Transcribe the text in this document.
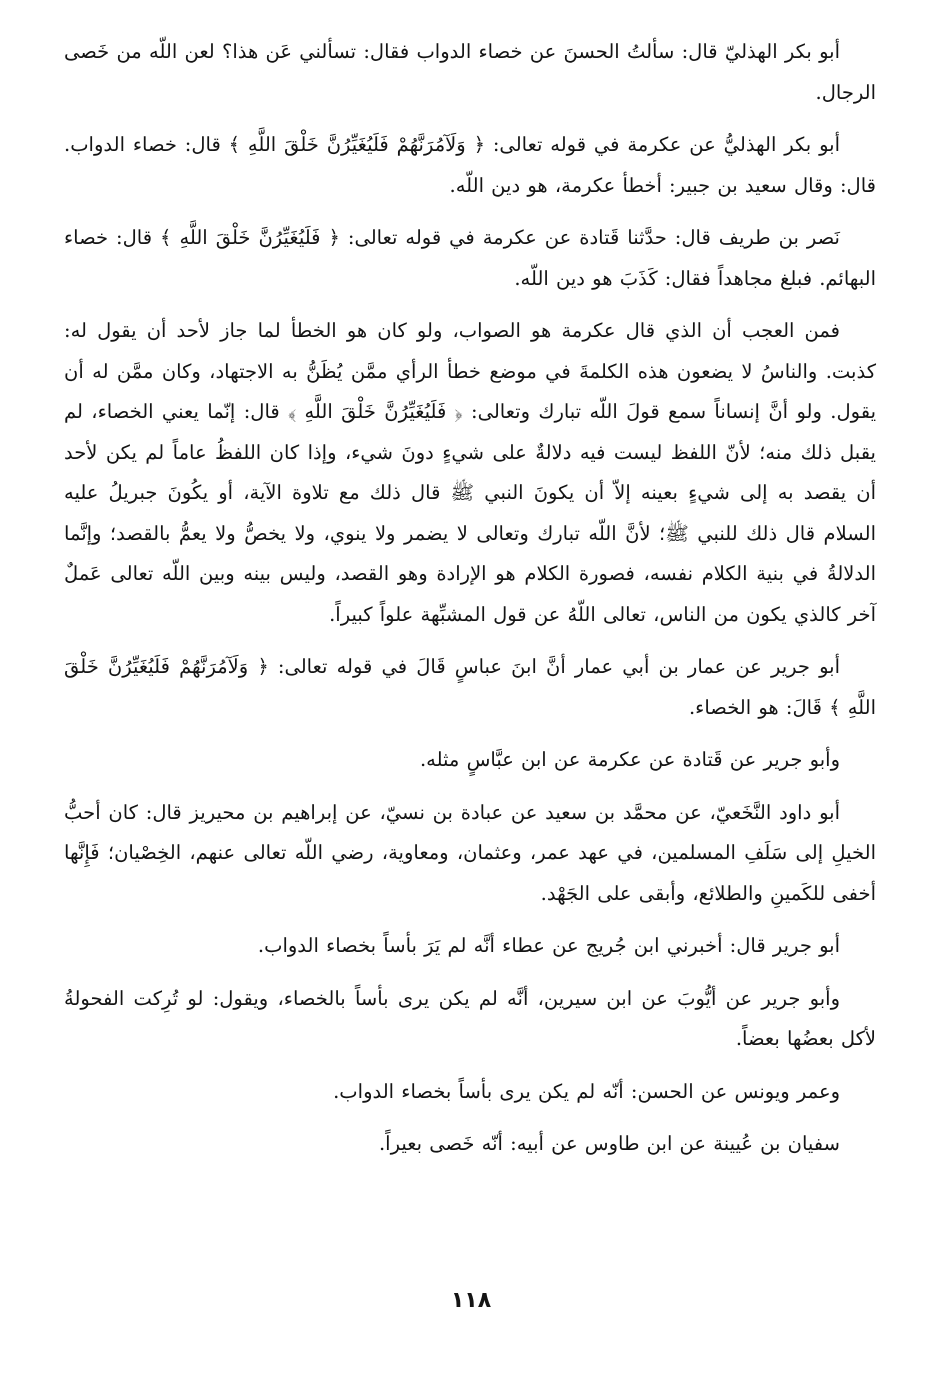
أبو بكر الهذليّ قال: سألتُ الحسنَ عن خصاء الدواب فقال: تسألني عَن هذا؟ لعن اللّه من خَصى الرجال.

أبو بكر الهذليُّ عن عكرمة في قوله تعالى: ﴿ وَلَآمُرَنَّهُمْ فَلَيُغَيِّرُنَّ خَلْقَ اللَّهِ ﴾ قال: خصاء الدواب. قال: وقال سعيد بن جبير: أخطأ عكرمة، هو دين اللّه.

نَصر بن طريف قال: حدَّثنا قَتادة عن عكرمة في قوله تعالى: ﴿ فَلَيُغَيِّرُنَّ خَلْقَ اللَّهِ ﴾ قال: خصاء البهائم. فبلغ مجاهداً فقال: كَذَبَ هو دين اللّه.

فمن العجب أن الذي قال عكرمة هو الصواب، ولو كان هو الخطأ لما جاز لأحد أن يقول له: كذبت. والناسُ لا يضعون هذه الكلمةَ في موضع خطأ الرأي ممَّن يُظَنُّ به الاجتهاد، وكان ممَّن له أن يقول. ولو أنَّ إنساناً سمع قولَ اللّه تبارك وتعالى: ﴿ فَلَيُغَيِّرُنَّ خَلْقَ اللَّهِ ﴾ قال: إنّما يعني الخصاء، لم يقبل ذلك منه؛ لأنّ اللفظ ليست فيه دلالةٌ على شيءٍ دونَ شيء، وإذا كان اللفظُ عاماً لم يكن لأحد أن يقصد به إلى شيءٍ بعينه إلاّ أن يكونَ النبي ﷺ قال ذلك مع تلاوة الآية، أو يكُونَ جبريلُ عليه السلام قال ذلك للنبي ﷺ؛ لأنَّ اللّه تبارك وتعالى لا يضمر ولا ينوي، ولا يخصُّ ولا يعمُّ بالقصد؛ وإنَّما الدلالةُ في بنية الكلام نفسه، فصورة الكلام هو الإرادة وهو القصد، وليس بينه وبين اللّه تعالى عَملٌ آخر كالذي يكون من الناس، تعالى اللّهُ عن قول المشبِّهة علواً كبيراً.

أبو جرير عن عمار بن أبي عمار أنَّ ابنَ عباسٍ قَالَ في قوله تعالى: ﴿ وَلَآمُرَنَّهُمْ فَلَيُغَيِّرُنَّ خَلْقَ اللَّهِ ﴾ قَالَ: هو الخصاء.

وأبو جرير عن قَتادة عن عكرمة عن ابن عبَّاسٍ مثله.

أبو داود النَّخَعيّ، عن محمَّد بن سعيد عن عبادة بن نسيّ، عن إبراهيم بن محيريز قال: كان أحبُّ الخيلِ إلى سَلَفِ المسلمين، في عهد عمر، وعثمان، ومعاوية، رضي اللّه تعالى عنهم، الخِصْيان؛ فَإِنَّها أخفى للكَمينِ والطلائع، وأبقى على الجَهْد.

أبو جرير قال: أخبرني ابن جُريج عن عطاء أنَّه لم يَرَ بأساً بخصاء الدواب.

وأبو جرير عن أيُّوبَ عن ابن سيرين، أنَّه لم يكن يرى بأساً بالخصاء، ويقول: لو تُرِكت الفحولةُ لأكل بعضُها بعضاً.

وعمر ويونس عن الحسن: أنّه لم يكن يرى بأساً بخصاء الدواب.

سفيان بن عُيينة عن ابن طاوس عن أبيه: أنّه خَصى بعيراً.

١١٨
